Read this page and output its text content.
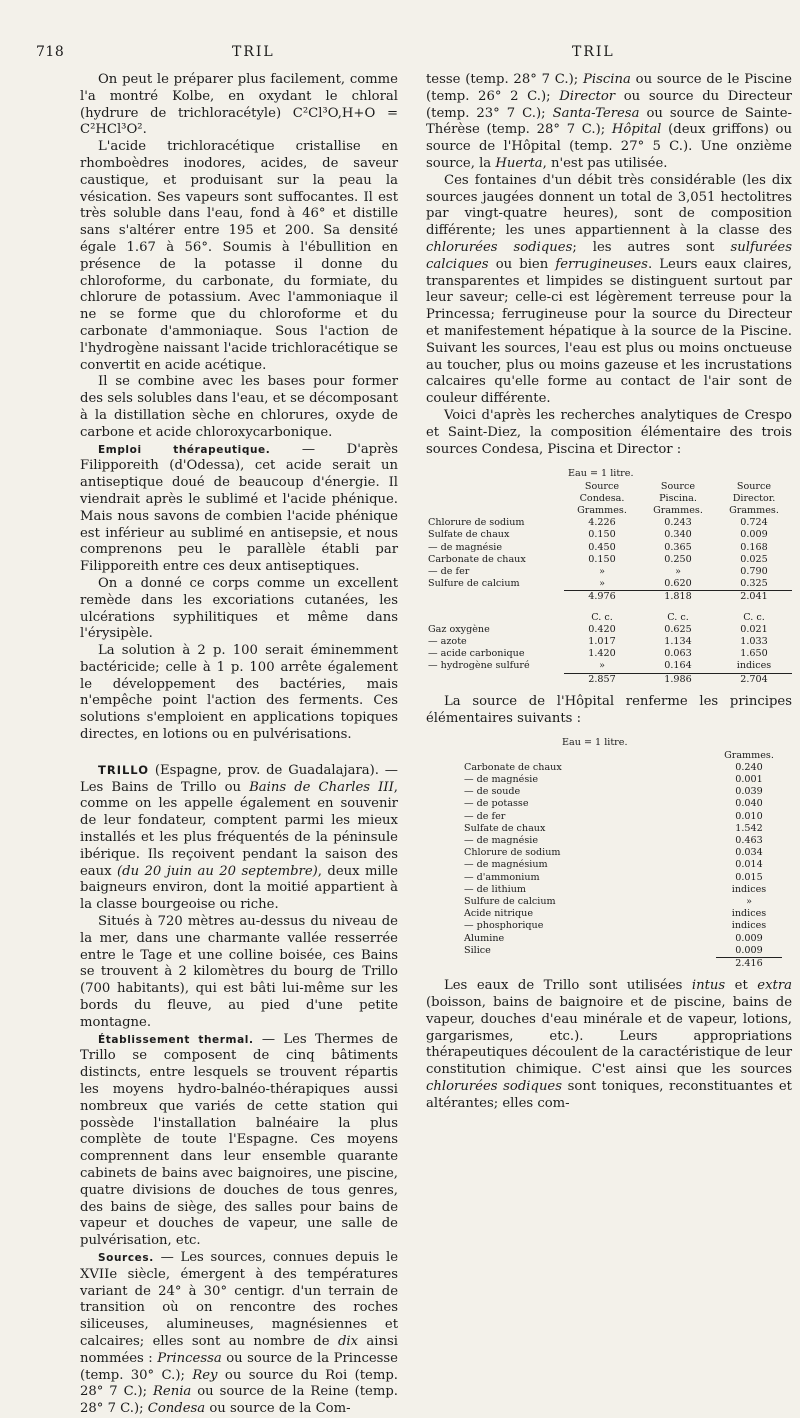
718	TRIL	TRIL

On peut le préparer plus facilement, comme l'a montré Kolbe, en oxydant le chloral (hydrure de trichloracétyle) C²Cl³O,H+O = C²HCl³O².

L'acide trichloracétique cristallise en rhomboèdres inodores, acides, de saveur caustique, et produisant sur la peau la vésication. Ses vapeurs sont suffocantes. Il est très soluble dans l'eau, fond à 46° et distille sans s'altérer entre 195 et 200. Sa densité égale 1.67 à 56°. Soumis à l'ébullition en présence de la potasse il donne du chloroforme, du carbonate, du formiate, du chlorure de potassium. Avec l'ammoniaque il ne se forme que du chloroforme et du carbonate d'ammoniaque. Sous l'action de l'hydrogène naissant l'acide trichloracétique se convertit en acide acétique.

Il se combine avec les bases pour former des sels solubles dans l'eau, et se décomposant à la distillation sèche en chlorures, oxyde de carbone et acide chloroxycarbonique.

Emploi thérapeutique. — D'après Filipporeith (d'Odessa), cet acide serait un antiseptique doué de beaucoup d'énergie. Il viendrait après le sublimé et l'acide phénique. Mais nous savons de combien l'acide phénique est inférieur au sublimé en antisepsie, et nous comprenons peu le parallèle établi par Filipporeith entre ces deux antiseptiques.

On a donné ce corps comme un excellent remède dans les excoriations cutanées, les ulcérations syphilitiques et même dans l'érysipèle.

La solution à 2 p. 100 serait éminemment bactéricide; celle à 1 p. 100 arrête également le développement des bactéries, mais n'empêche point l'action des ferments. Ces solutions s'emploient en applications topiques directes, en lotions ou en pulvérisations.

TRILLO (Espagne, prov. de Guadalajara). — Les Bains de Trillo ou Bains de Charles III, comme on les appelle également en souvenir de leur fondateur, comptent parmi les mieux installés et les plus fréquentés de la péninsule ibérique. Ils reçoivent pendant la saison des eaux (du 20 juin au 20 septembre), deux mille baigneurs environ, dont la moitié appartient à la classe bourgeoise ou riche.

Situés à 720 mètres au-dessus du niveau de la mer, dans une charmante vallée resserrée entre le Tage et une colline boisée, ces Bains se trouvent à 2 kilomètres du bourg de Trillo (700 habitants), qui est bâti lui-même sur les bords du fleuve, au pied d'une petite montagne.

Établissement thermal. — Les Thermes de Trillo se composent de cinq bâtiments distincts, entre lesquels se trouvent répartis les moyens hydro-balnéo-thérapiques aussi nombreux que variés de cette station qui possède l'installation balnéaire la plus complète de toute l'Espagne. Ces moyens comprennent dans leur ensemble quarante cabinets de bains avec baignoires, une piscine, quatre divisions de douches de tous genres, des bains de siège, des salles pour bains de vapeur et douches de vapeur, une salle de pulvérisation, etc.

Sources. — Les sources, connues depuis le XVIIe siècle, émergent à des températures variant de 24° à 30° centigr. d'un terrain de transition où on rencontre des roches siliceuses, alumineuses, magnésiennes et calcaires; elles sont au nombre de dix ainsi nommées : Princessa ou source de la Princesse (temp. 30° C.); Rey ou source du Roi (temp. 28° 7 C.); Renia ou source de la Reine (temp. 28° 7 C.); Condesa ou source de la Com-

tesse (temp. 28° 7 C.); Piscina ou source de le Piscine (temp. 26° 2 C.); Director ou source du Directeur (temp. 23° 7 C.); Santa-Teresa ou source de Sainte-Thérèse (temp. 28° 7 C.); Hôpital (deux griffons) ou source de l'Hôpital (temp. 27° 5 C.). Une onzième source, la Huerta, n'est pas utilisée.

Ces fontaines d'un débit très considérable (les dix sources jaugées donnent un total de 3,051 hectolitres par vingt-quatre heures), sont de composition différente; les unes appartiennent à la classe des chlorurées sodiques; les autres sont sulfurées calciques ou bien ferrugineuses. Leurs eaux claires, transparentes et limpides se distinguent surtout par leur saveur; celle-ci est légèrement terreuse pour la Princessa; ferrugineuse pour la source du Directeur et manifestement hépatique à la source de la Piscine. Suivant les sources, l'eau est plus ou moins onctueuse au toucher, plus ou moins gazeuse et les incrustations calcaires qu'elle forme au contact de l'air sont de couleur différente.

Voici d'après les recherches analytiques de Crespo et Saint-Diez, la composition élémentaire des trois sources Condesa, Piscina et Director :

Eau = 1 litre.			
	Source	Source	Source
	Condesa.	Piscina.	Director.
	Grammes.	Grammes.	Grammes.
Chlorure de sodium	4.226	0.243	0.724
Sulfate de chaux	0.150	0.340	0.009
— de magnésie	0.450	0.365	0.168
Carbonate de chaux	0.150	0.250	0.025
— de fer	»	»	0.790
Sulfure de calcium	»	0.620	0.325
	4.976	1.818	2.041

	C. c.	C. c.	C. c.
Gaz oxygène	0.420	0.625	0.021
— azote	1.017	1.134	1.033
— acide carbonique	1.420	0.063	1.650
— hydrogène sulfuré	»	0.164	indices
	2.857	1.986	2.704

La source de l'Hôpital renferme les principes élémentaires suivants :

Eau = 1 litre.	
	Grammes.
Carbonate de chaux	0.240
— de magnésie	0.001
— de soude	0.039
— de potasse	0.040
— de fer	0.010
Sulfate de chaux	1.542
— de magnésie	0.463
Chlorure de sodium	0.034
— de magnésium	0.014
— d'ammonium	0.015
— de lithium	indices
Sulfure de calcium	»
Acide nitrique	indices
— phosphorique	indices
Alumine	0.009
Silice	0.009
	2.416

Les eaux de Trillo sont utilisées intus et extra (boisson, bains de baignoire et de piscine, bains de vapeur, douches d'eau minérale et de vapeur, lotions, gargarismes, etc.). Leurs appropriations thérapeutiques découlent de la caractéristique de leur constitution chimique. C'est ainsi que les sources chlorurées sodiques sont toniques, reconstituantes et altérantes; elles com-
